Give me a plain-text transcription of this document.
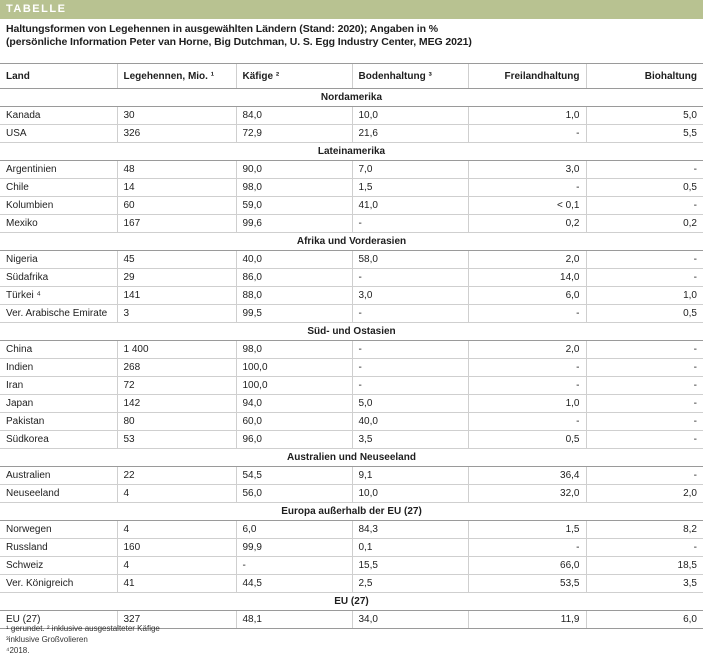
TABELLE
Haltungsformen von Legehennen in ausgewählten Ländern (Stand: 2020); Angaben in %
(persönliche Information Peter van Horne, Big Dutchman, U. S. Egg Industry Center, MEG 2021)
Land	Legehennen, Mio. ¹	Käfige ²	Bodenhaltung ³	Freilandhaltung	Biohaltung
Nordamerika					
Kanada	30	84,0	10,0	1,0	5,0
USA	326	72,9	21,6	-	5,5
Lateinamerika					
Argentinien	48	90,0	7,0	3,0	-
Chile	14	98,0	1,5	-	0,5
Kolumbien	60	59,0	41,0	< 0,1	-
Mexiko	167	99,6	-	0,2	0,2
Afrika und Vorderasien					
Nigeria	45	40,0	58,0	2,0	-
Südafrika	29	86,0	-	14,0	-
Türkei ⁴	141	88,0	3,0	6,0	1,0
Ver. Arabische Emirate	3	99,5	-	-	0,5
Süd- und Ostasien					
China	1 400	98,0	-	2,0	-
Indien	268	100,0	-	-	-
Iran	72	100,0	-	-	-
Japan	142	94,0	5,0	1,0	-
Pakistan	80	60,0	40,0	-	-
Südkorea	53	96,0	3,5	0,5	-
Australien und Neuseeland					
Australien	22	54,5	9,1	36,4	-
Neuseeland	4	56,0	10,0	32,0	2,0
Europa außerhalb der EU (27)					
Norwegen	4	6,0	84,3	1,5	8,2
Russland	160	99,9	0,1	-	-
Schweiz	4	-	15,5	66,0	18,5
Ver. Königreich	41	44,5	2,5	53,5	3,5
EU (27)					
EU (27)	327	48,1	34,0	11,9	6,0
¹ gerundet. ² inklusive ausgestalteter Käfige
³inklusive Großvolieren
⁴2018.
